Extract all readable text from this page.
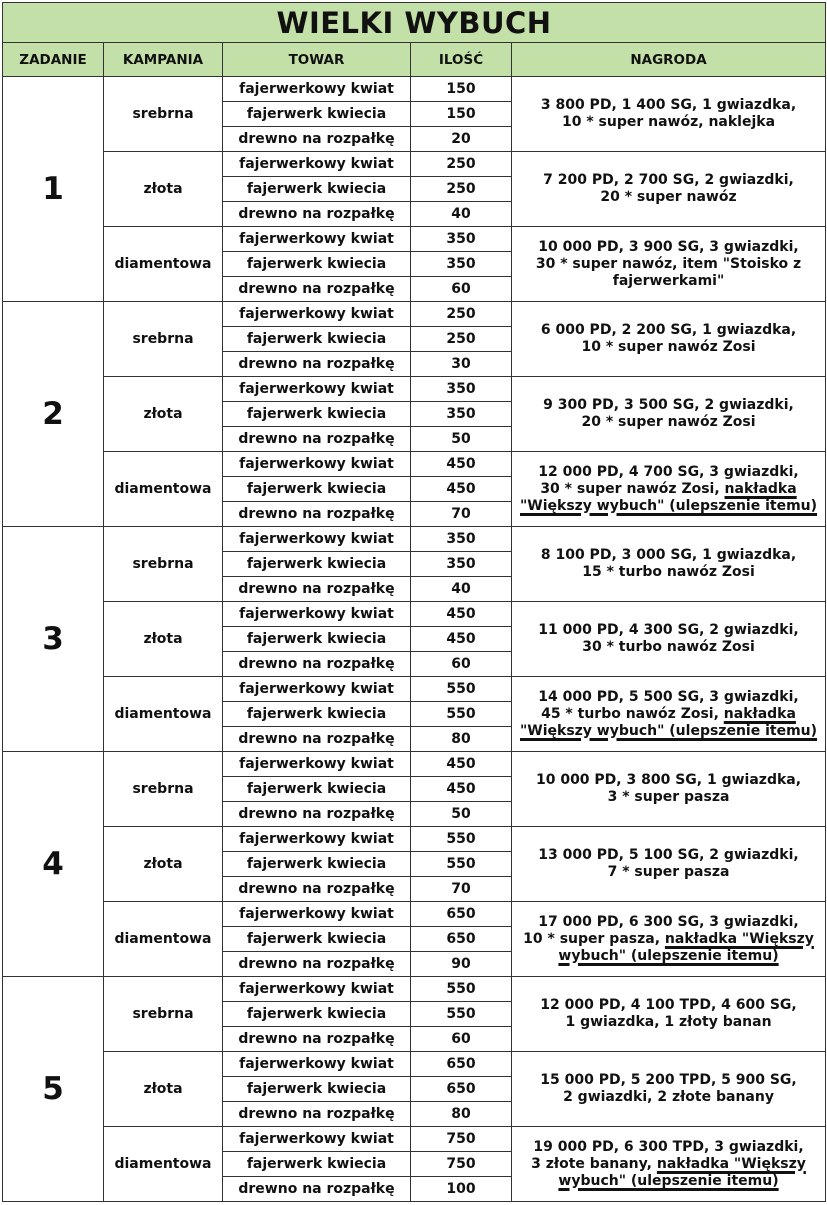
WIELKI WYBUCH				
ZADANIE	KAMPANIA	TOWAR	ILOŚĆ	NAGRODA
1	srebrna	fajerwerkowy kwiat	150	3 800 PD, 1 400 SG, 1 gwiazdka,
10 * super nawóz, naklejka

		fajerwerk kwiecia	150	
		drewno na rozpałkę	20	
	złota	fajerwerkowy kwiat	250	7 200 PD, 2 700 SG, 2 gwiazdki,
20 * super nawóz

		fajerwerk kwiecia	250	
		drewno na rozpałkę	40	
	diamentowa	fajerwerkowy kwiat	350	10 000 PD, 3 900 SG, 3 gwiazdki,
30 * super nawóz, item "Stoisko z
fajerwerkami"

		fajerwerk kwiecia	350	
		drewno na rozpałkę	60	
2	srebrna	fajerwerkowy kwiat	250	6 000 PD, 2 200 SG, 1 gwiazdka,
10 * super nawóz Zosi

		fajerwerk kwiecia	250	
		drewno na rozpałkę	30	
	złota	fajerwerkowy kwiat	350	9 300 PD, 3 500 SG, 2 gwiazdki,
20 * super nawóz Zosi

		fajerwerk kwiecia	350	
		drewno na rozpałkę	50	
	diamentowa	fajerwerkowy kwiat	450	12 000 PD, 4 700 SG, 3 gwiazdki,
30 * super nawóz Zosi, nakładka
"Większy wybuch" (ulepszenie itemu)

		fajerwerk kwiecia	450	
		drewno na rozpałkę	70	
3	srebrna	fajerwerkowy kwiat	350	8 100 PD, 3 000 SG, 1 gwiazdka,
15 * turbo nawóz Zosi

		fajerwerk kwiecia	350	
		drewno na rozpałkę	40	
	złota	fajerwerkowy kwiat	450	11 000 PD, 4 300 SG, 2 gwiazdki,
30 * turbo nawóz Zosi

		fajerwerk kwiecia	450	
		drewno na rozpałkę	60	
	diamentowa	fajerwerkowy kwiat	550	14 000 PD, 5 500 SG, 3 gwiazdki,
45 * turbo nawóz Zosi, nakładka
"Większy wybuch" (ulepszenie itemu)

		fajerwerk kwiecia	550	
		drewno na rozpałkę	80	
4	srebrna	fajerwerkowy kwiat	450	10 000 PD, 3 800 SG, 1 gwiazdka,
3 * super pasza

		fajerwerk kwiecia	450	
		drewno na rozpałkę	50	
	złota	fajerwerkowy kwiat	550	13 000 PD, 5 100 SG, 2 gwiazdki,
7 * super pasza

		fajerwerk kwiecia	550	
		drewno na rozpałkę	70	
	diamentowa	fajerwerkowy kwiat	650	17 000 PD, 6 300 SG, 3 gwiazdki,
10 * super pasza, nakładka "Większy
wybuch" (ulepszenie itemu)

		fajerwerk kwiecia	650	
		drewno na rozpałkę	90	
5	srebrna	fajerwerkowy kwiat	550	12 000 PD, 4 100 TPD, 4 600 SG,
1 gwiazdka, 1 złoty banan

		fajerwerk kwiecia	550	
		drewno na rozpałkę	60	
	złota	fajerwerkowy kwiat	650	15 000 PD, 5 200 TPD, 5 900 SG,
2 gwiazdki, 2 złote banany

		fajerwerk kwiecia	650	
		drewno na rozpałkę	80	
	diamentowa	fajerwerkowy kwiat	750	19 000 PD, 6 300 TPD, 3 gwiazdki,
3 złote banany, nakładka "Większy
wybuch" (ulepszenie itemu)

		fajerwerk kwiecia	750	
		drewno na rozpałkę	100	
